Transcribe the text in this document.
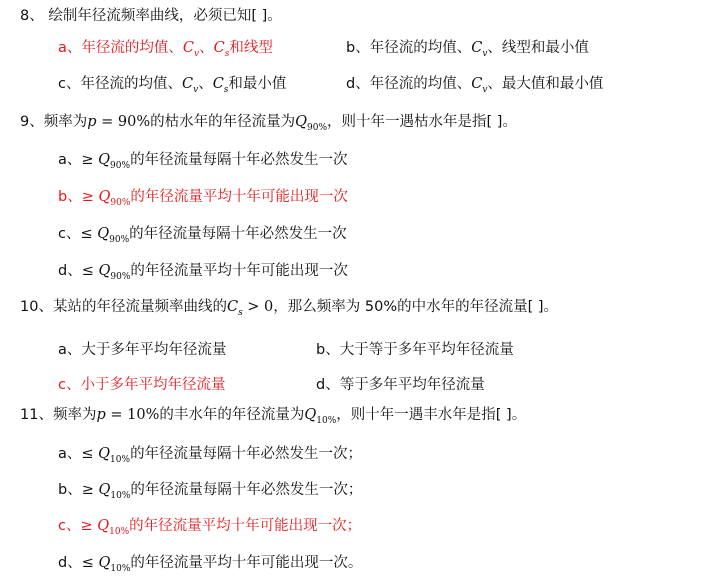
8、 绘制年径流频率曲线，必须已知[ ]。
a、年径流的均值、$C_v$、$C_s$和线型	b、年径流的均值、$C_v$、线型和最小值
c、年径流的均值、$C_v$、$C_s$和最小值	d、年径流的均值、$C_v$、最大值和最小值
9、频率为p = 90%的枯水年的年径流量为$Q_{90\%}$，则十年一遇枯水年是指[ ]。
a、≥ $Q_{90\%}$的年径流量每隔十年必然发生一次
b、≥ $Q_{90\%}$的年径流量平均十年可能出现一次
c、≤ $Q_{90\%}$的年径流量每隔十年必然发生一次
d、≤ $Q_{90\%}$的年径流量平均十年可能出现一次
10、某站的年径流量频率曲线的$C_s > 0$，那么频率为 50%的中水年的年径流量[ ]。
a、大于多年平均年径流量	b、大于等于多年平均年径流量
c、小于多年平均年径流量	d、等于多年平均年径流量
11、频率为p = 10%的丰水年的年径流量为$Q_{10\%}$，则十年一遇丰水年是指[ ]。
a、≤ $Q_{10\%}$的年径流量每隔十年必然发生一次；
b、≥ $Q_{10\%}$的年径流量每隔十年必然发生一次；
c、≥ $Q_{10\%}$的年径流量平均十年可能出现一次；
d、≤ $Q_{10\%}$的年径流量平均十年可能出现一次。
